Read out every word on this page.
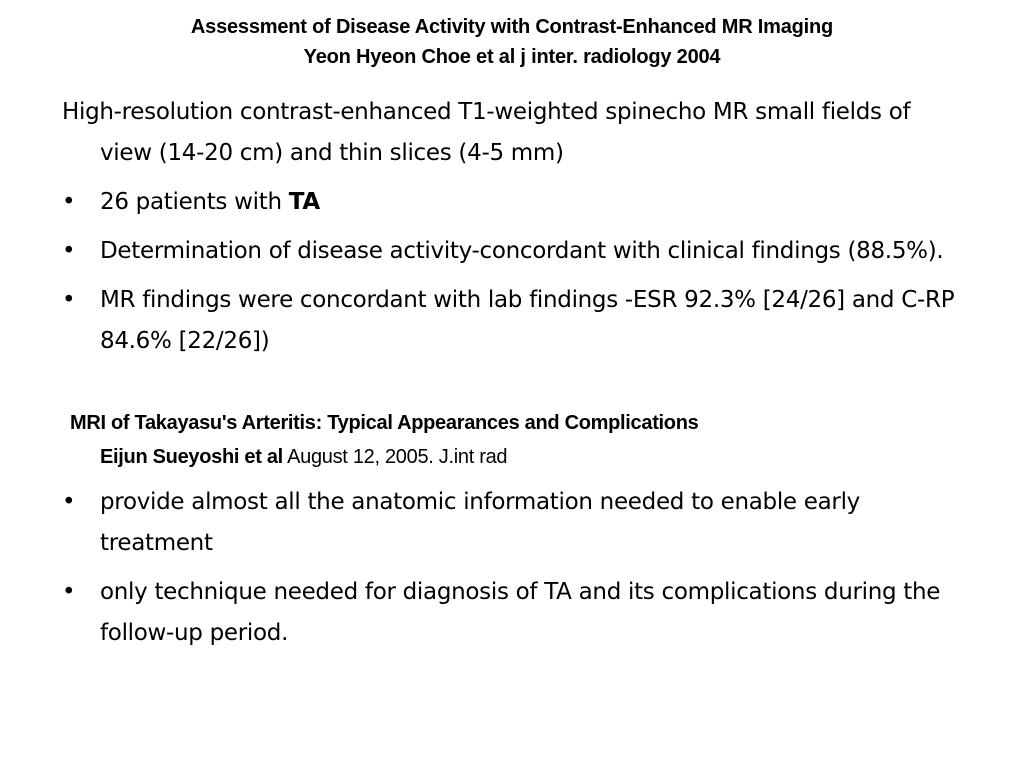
Assessment of Disease Activity with Contrast-Enhanced MR Imaging
Yeon Hyeon Choe et al j inter. radiology 2004

High-resolution contrast-enhanced T1-weighted spinecho MR small fields of view (14-20 cm) and thin slices (4-5 mm)

• 26 patients with TA
• Determination of disease activity-concordant with clinical findings (88.5%).
• MR findings were concordant with lab findings -ESR 92.3% [24/26] and C-RP 84.6% [22/26])

MRI of Takayasu's Arteritis: Typical Appearances and Complications

Eijun Sueyoshi et al August 12, 2005. J.int rad

• provide almost all the anatomic information needed to enable early treatment
• only technique needed for diagnosis of TA and its complications during the follow-up period.
